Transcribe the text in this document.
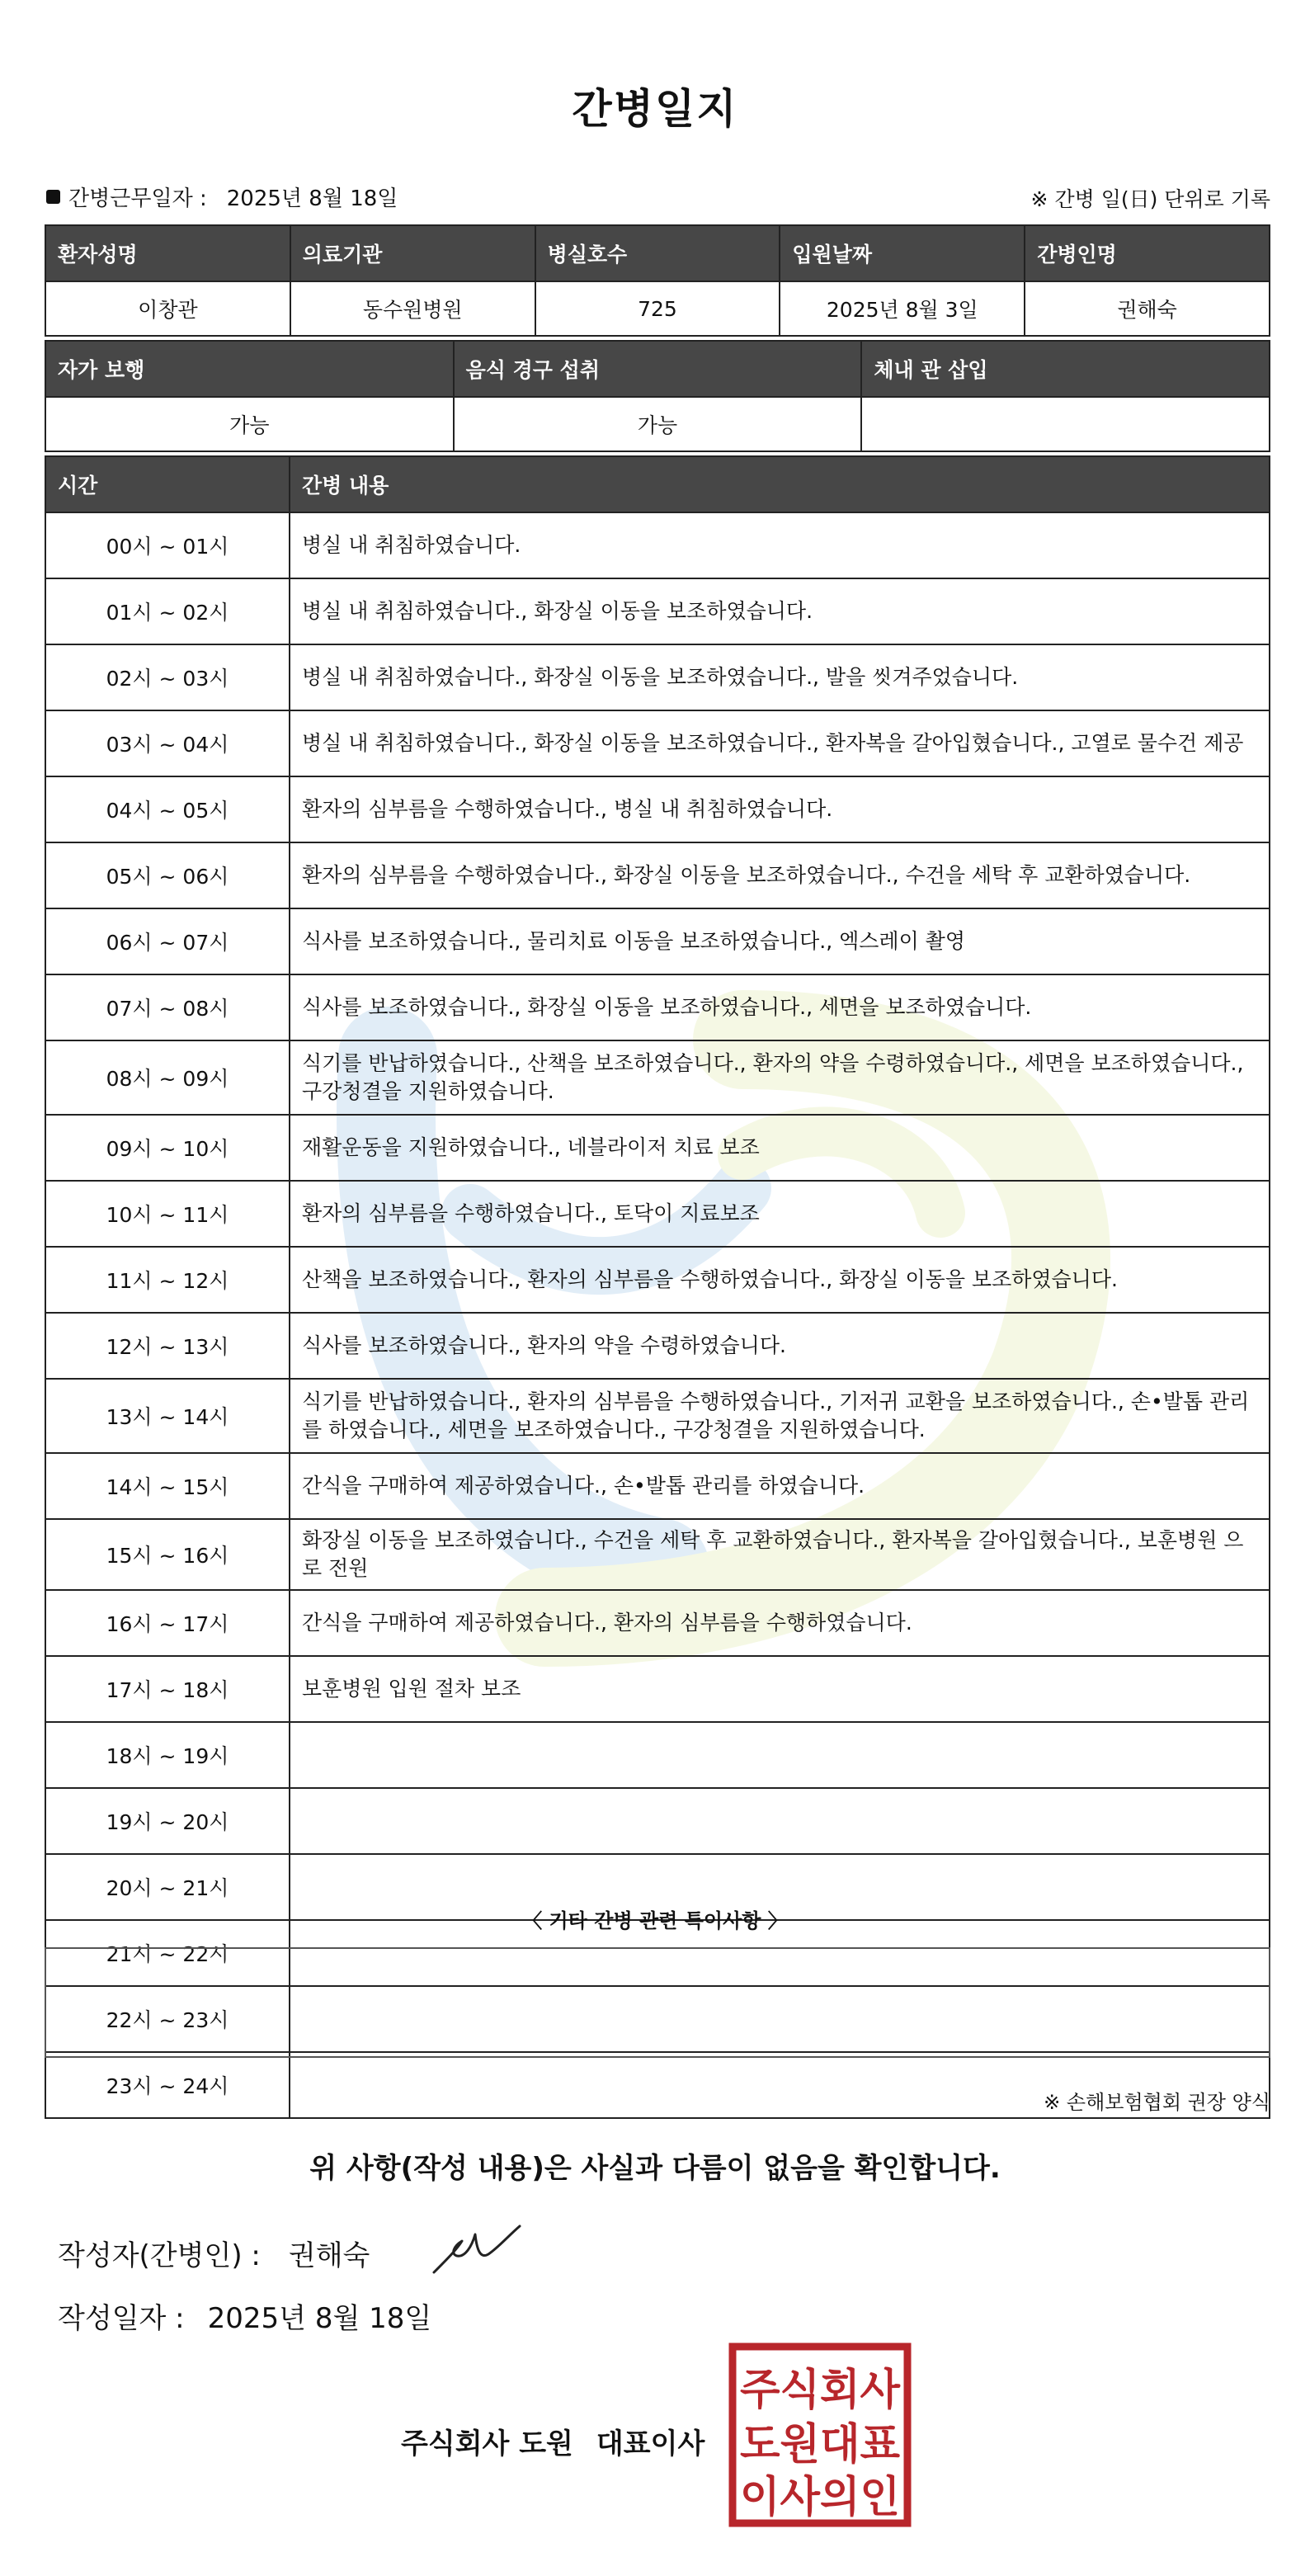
간병일지
간병근무일자 : 2025년 8월 18일	※ 간병 일(日) 단위로 기록
환자성명	의료기관	병실호수	입원날짜	간병인명
이창관	동수원병원	725	2025년 8월 3일	권해숙
자가 보행	음식 경구 섭취	체내 관 삽입
가능	가능	
시간	간병 내용
00시 ~ 01시	병실 내 취침하였습니다.
01시 ~ 02시	병실 내 취침하였습니다., 화장실 이동을 보조하였습니다.
02시 ~ 03시	병실 내 취침하였습니다., 화장실 이동을 보조하였습니다., 발을 씻겨주었습니다.
03시 ~ 04시	병실 내 취침하였습니다., 화장실 이동을 보조하였습니다., 환자복을 갈아입혔습니다., 고열로 물수건 제공
04시 ~ 05시	환자의 심부름을 수행하였습니다., 병실 내 취침하였습니다.
05시 ~ 06시	환자의 심부름을 수행하였습니다., 화장실 이동을 보조하였습니다., 수건을 세탁 후 교환하였습니다.
06시 ~ 07시	식사를 보조하였습니다., 물리치료 이동을 보조하였습니다., 엑스레이 촬영
07시 ~ 08시	식사를 보조하였습니다., 화장실 이동을 보조하였습니다., 세면을 보조하였습니다.
08시 ~ 09시	식기를 반납하였습니다., 산책을 보조하였습니다., 환자의 약을 수령하였습니다., 세면을 보조하였습니다., 구강청결을 지원하였습니다.
09시 ~ 10시	재활운동을 지원하였습니다., 네블라이저 치료 보조
10시 ~ 11시	환자의 심부름을 수행하였습니다., 토닥이 지료보조
11시 ~ 12시	산책을 보조하였습니다., 환자의 심부름을 수행하였습니다., 화장실 이동을 보조하였습니다.
12시 ~ 13시	식사를 보조하였습니다., 환자의 약을 수령하였습니다.
13시 ~ 14시	식기를 반납하였습니다., 환자의 심부름을 수행하였습니다., 기저귀 교환을 보조하였습니다., 손•발톱 관리를 하였습니다., 세면을 보조하였습니다., 구강청결을 지원하였습니다.
14시 ~ 15시	간식을 구매하여 제공하였습니다., 손•발톱 관리를 하였습니다.
15시 ~ 16시	화장실 이동을 보조하였습니다., 수건을 세탁 후 교환하였습니다., 환자복을 갈아입혔습니다., 보훈병원 으로 전원
16시 ~ 17시	간식을 구매하여 제공하였습니다., 환자의 심부름을 수행하였습니다.
17시 ~ 18시	보훈병원 입원 절차 보조
18시 ~ 19시	
19시 ~ 20시	
20시 ~ 21시	
21시 ~ 22시	
22시 ~ 23시	
23시 ~ 24시	
〈 기타 간병 관련 특이사항 〉
※ 손해보험협회 권장 양식
위 사항(작성 내용)은 사실과 다름이 없음을 확인합니다.
작성자(간병인) : 권해숙
작성일자 : 2025년 8월 18일
주식회사 도원 대표이사
주식회사
도원대표
이사의인
